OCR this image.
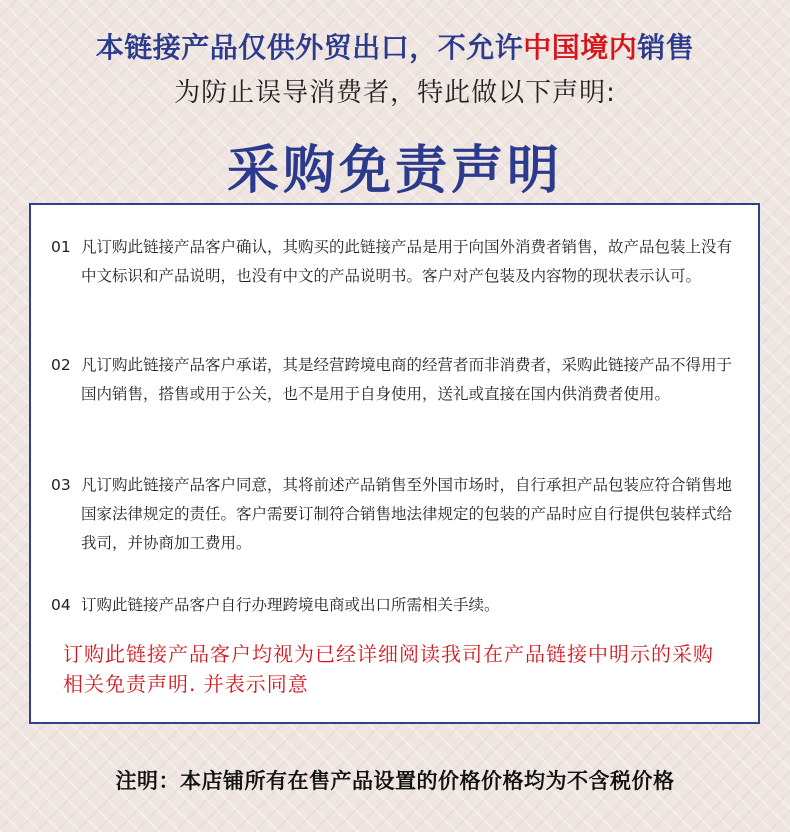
本链接产品仅供外贸出口，不允许中国境内销售
为防止误导消费者，特此做以下声明:
采购免责声明
01 凡订购此链接产品客户确认，其购买的此链接产品是用于向国外消费者销售，故产品包装上没有中文标识和产品说明，也没有中文的产品说明书。客户对产包装及内容物的现状表示认可。
02 凡订购此链接产品客户承诺，其是经营跨境电商的经营者而非消费者，采购此链接产品不得用于国内销售，搭售或用于公关，也不是用于自身使用，送礼或直接在国内供消费者使用。
03 凡订购此链接产品客户同意，其将前述产品销售至外国市场时，自行承担产品包装应符合销售地国家法律规定的责任。客户需要订制符合销售地法律规定的包装的产品时应自行提供包装样式给我司，并协商加工费用。
04 订购此链接产品客户自行办理跨境电商或出口所需相关手续。
订购此链接产品客户均视为已经详细阅读我司在产品链接中明示的采购相关免责声明. 并表示同意
注明：本店铺所有在售产品设置的价格价格均为不含税价格
